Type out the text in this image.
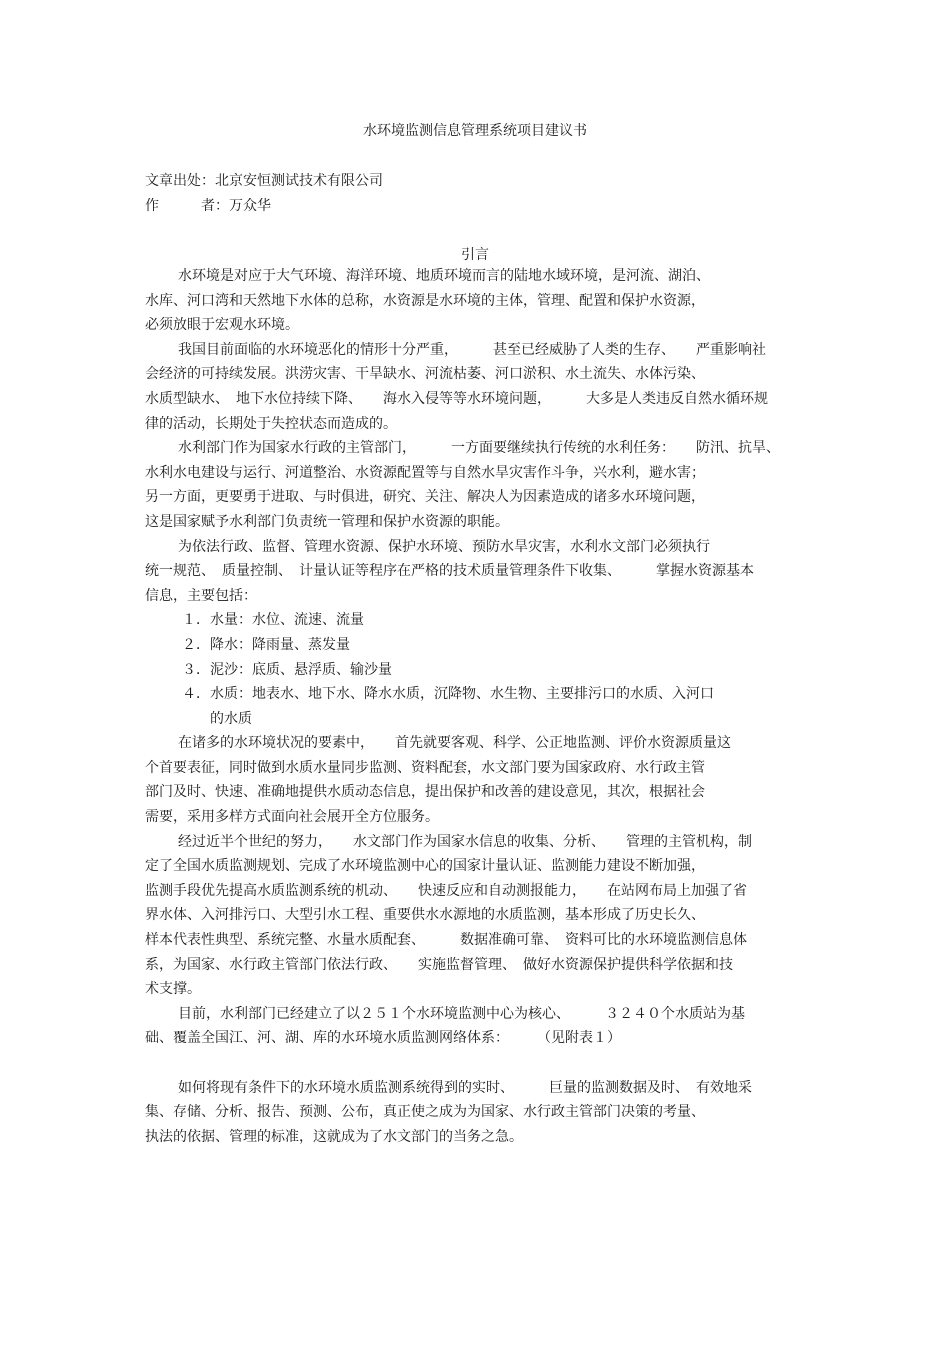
水环境监测信息管理系统项目建议书
文章出处：北京安恒测试技术有限公司
作　　　者：万众华
引言
水环境是对应于大气环境、海洋环境、地质环境而言的陆地水域环境，是河流、湖泊、
水库、河口湾和天然地下水体的总称，水资源是水环境的主体，管理、配置和保护水资源，
必须放眼于宏观水环境。
我国目前面临的水环境恶化的情形十分严重，　　　甚至已经威胁了人类的生存、　　严重影响社
会经济的可持续发展。洪涝灾害、干旱缺水、河流枯萎、河口淤积、水土流失、水体污染、
水质型缺水、　地下水位持续下降、　　海水入侵等等水环境问题，　　　大多是人类违反自然水循环规
律的活动，长期处于失控状态而造成的。
水利部门作为国家水行政的主管部门，　　　一方面要继续执行传统的水利任务：　　防汛、抗旱、
水利水电建设与运行、河道整治、水资源配置等与自然水旱灾害作斗争，兴水利，避水害；
另一方面，更要勇于进取、与时俱进，研究、关注、解决人为因素造成的诸多水环境问题，
这是国家赋予水利部门负责统一管理和保护水资源的职能。
为依法行政、监督、管理水资源、保护水环境、预防水旱灾害，水利水文部门必须执行
统一规范、　质量控制、　计量认证等程序在严格的技术质量管理条件下收集、　　　掌握水资源基本
信息，主要包括：
１．水量：水位、流速、流量
２．降水：降雨量、蒸发量
３．泥沙：底质、悬浮质、输沙量
４．水质：地表水、地下水、降水水质，沉降物、水生物、主要排污口的水质、入河口
的水质
在诸多的水环境状况的要素中，　　首先就要客观、科学、公正地监测、评价水资源质量这
个首要表征，同时做到水质水量同步监测、资料配套，水文部门要为国家政府、水行政主管
部门及时、快速、准确地提供水质动态信息，提出保护和改善的建设意见，其次，根据社会
需要，采用多样方式面向社会展开全方位服务。
经过近半个世纪的努力，　　水文部门作为国家水信息的收集、分析、　　管理的主管机构，制
定了全国水质监测规划、完成了水环境监测中心的国家计量认证、监测能力建设不断加强，
监测手段优先提高水质监测系统的机动、　　快速反应和自动测报能力，　　在站网布局上加强了省
界水体、入河排污口、大型引水工程、重要供水水源地的水质监测，基本形成了历史长久、
样本代表性典型、系统完整、水量水质配套、　　　数据准确可靠、　资料可比的水环境监测信息体
系，为国家、水行政主管部门依法行政、　　实施监督管理、　做好水资源保护提供科学依据和技
术支撑。
目前，水利部门已经建立了以２５１个水环境监测中心为核心、　　　３２４０个水质站为基
础、覆盖全国江、河、湖、库的水环境水质监测网络体系：　　　（见附表１）
如何将现有条件下的水环境水质监测系统得到的实时、　　　巨量的监测数据及时、　有效地采
集、存储、分析、报告、预测、公布，真正使之成为为国家、水行政主管部门决策的考量、
执法的依据、管理的标准，这就成为了水文部门的当务之急。
